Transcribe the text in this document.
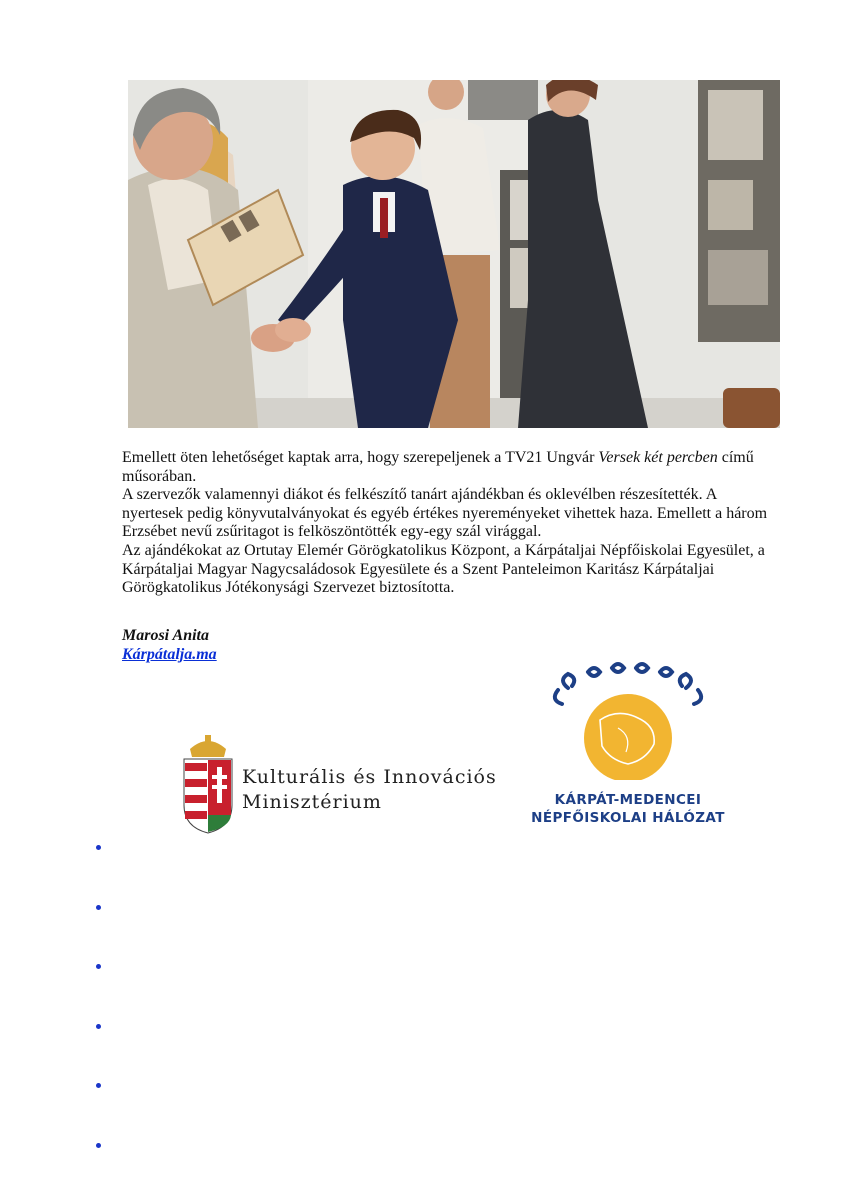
Emellett öten lehetőséget kaptak arra, hogy szerepeljenek a TV21 Ungvár Versek két percben című műsorában.

A szervezők valamennyi diákot és felkészítő tanárt ajándékban és oklevélben részesítették. A nyertesek pedig könyvutalványokat és egyéb értékes nyereményeket vihettek haza. Emellett a három Erzsébet nevű zsűritagot is felköszöntötték egy-egy szál virággal.

Az ajándékokat az Ortutay Elemér Görögkatolikus Központ, a Kárpátaljai Népfőiskolai Egyesület, a Kárpátaljai Magyar Nagycsaládosok Egyesülete és a Szent Panteleimon Karitász Kárpátaljai Görögkatolikus Jótékonysági Szervezet biztosította.

Marosi Anita
Kárpátalja.ma
Kulturális és Innovációs
Minisztérium	KÁRPÁT-MEDENCEI
NÉPFŐISKOLAI HÁLÓZAT
